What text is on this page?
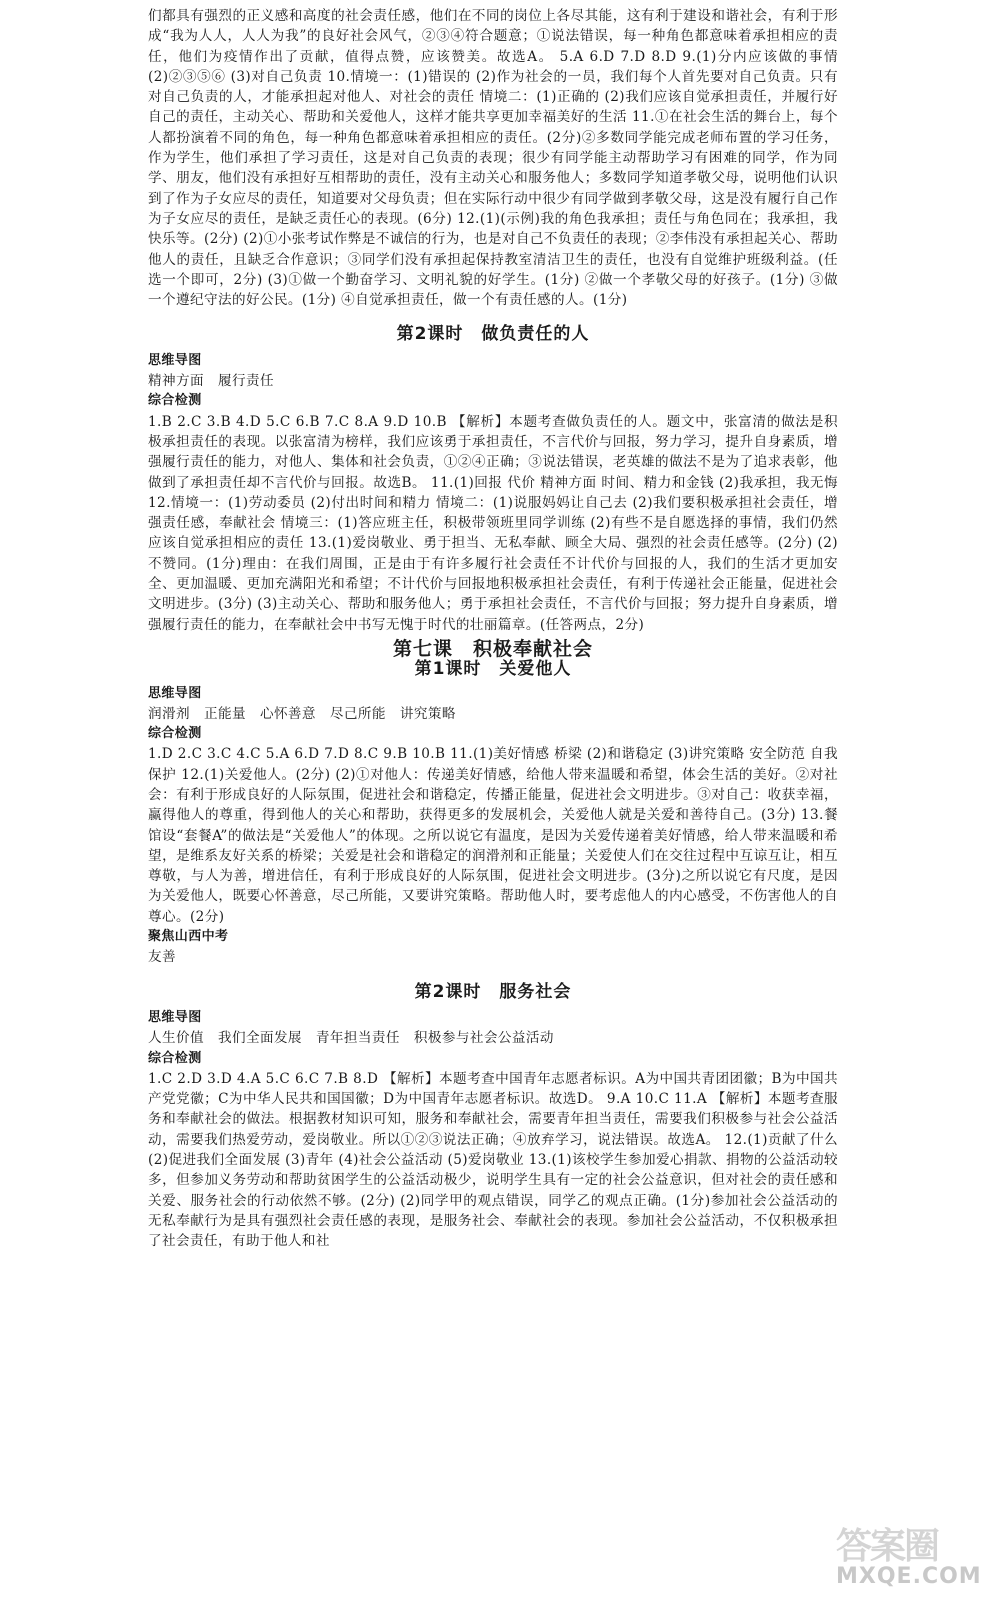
们都具有强烈的正义感和高度的社会责任感，他们在不同的岗位上各尽其能，这有利于建设和谐社会，有利于形成“我为人人，人人为我”的良好社会风气，②③④符合题意；①说法错误，每一种角色都意味着承担相应的责任，他们为疫情作出了贡献，值得点赞，应该赞美。故选A。 5.A 6.D 7.D 8.D 9.(1)分内应该做的事情 (2)②③⑤⑥ (3)对自己负责 10.情境一：(1)错误的 (2)作为社会的一员，我们每个人首先要对自己负责。只有对自己负责的人，才能承担起对他人、对社会的责任 情境二：(1)正确的 (2)我们应该自觉承担责任，并履行好自己的责任，主动关心、帮助和关爱他人，这样才能共享更加幸福美好的生活 11.①在社会生活的舞台上，每个人都扮演着不同的角色，每一种角色都意味着承担相应的责任。(2分)②多数同学能完成老师布置的学习任务，作为学生，他们承担了学习责任，这是对自己负责的表现；很少有同学能主动帮助学习有困难的同学，作为同学、朋友，他们没有承担好互相帮助的责任，没有主动关心和服务他人；多数同学知道孝敬父母，说明他们认识到了作为子女应尽的责任，知道要对父母负责；但在实际行动中很少有同学做到孝敬父母，这是没有履行自己作为子女应尽的责任，是缺乏责任心的表现。(6分) 12.(1)(示例)我的角色我承担；责任与角色同在；我承担，我快乐等。(2分) (2)①小张考试作弊是不诚信的行为，也是对自己不负责任的表现；②李伟没有承担起关心、帮助他人的责任，且缺乏合作意识；③同学们没有承担起保持教室清洁卫生的责任，也没有自觉维护班级利益。(任选一个即可，2分) (3)①做一个勤奋学习、文明礼貌的好学生。(1分) ②做一个孝敬父母的好孩子。(1分) ③做一个遵纪守法的好公民。(1分) ④自觉承担责任，做一个有责任感的人。(1分)

第2课时　做负责任的人

思维导图

精神方面　履行责任

综合检测

1.B 2.C 3.B 4.D 5.C 6.B 7.C 8.A 9.D 10.B 【解析】本题考查做负责任的人。题文中，张富清的做法是积极承担责任的表现。以张富清为榜样，我们应该勇于承担责任，不言代价与回报，努力学习，提升自身素质，增强履行责任的能力，对他人、集体和社会负责，①②④正确；③说法错误，老英雄的做法不是为了追求表彰，他做到了承担责任却不言代价与回报。故选B。 11.(1)回报 代价 精神方面 时间、精力和金钱 (2)我承担，我无悔 12.情境一：(1)劳动委员 (2)付出时间和精力 情境二：(1)说服妈妈让自己去 (2)我们要积极承担社会责任，增强责任感，奉献社会 情境三：(1)答应班主任，积极带领班里同学训练 (2)有些不是自愿选择的事情，我们仍然应该自觉承担相应的责任 13.(1)爱岗敬业、勇于担当、无私奉献、顾全大局、强烈的社会责任感等。(2分) (2)不赞同。(1分)理由：在我们周围，正是由于有许多履行社会责任不计代价与回报的人，我们的生活才更加安全、更加温暖、更加充满阳光和希望；不计代价与回报地积极承担社会责任，有利于传递社会正能量，促进社会文明进步。(3分) (3)主动关心、帮助和服务他人；勇于承担社会责任，不言代价与回报；努力提升自身素质，增强履行责任的能力，在奉献社会中书写无愧于时代的壮丽篇章。(任答两点，2分)

第七课　积极奉献社会
第1课时　关爱他人

思维导图

润滑剂　正能量　心怀善意　尽己所能　讲究策略

综合检测

1.D 2.C 3.C 4.C 5.A 6.D 7.D 8.C 9.B 10.B 11.(1)美好情感 桥梁 (2)和谐稳定 (3)讲究策略 安全防范 自我保护 12.(1)关爱他人。(2分) (2)①对他人：传递美好情感，给他人带来温暖和希望，体会生活的美好。②对社会：有利于形成良好的人际氛围，促进社会和谐稳定，传播正能量，促进社会文明进步。③对自己：收获幸福，赢得他人的尊重，得到他人的关心和帮助，获得更多的发展机会，关爱他人就是关爱和善待自己。(3分) 13.餐馆设“套餐A”的做法是“关爱他人”的体现。之所以说它有温度，是因为关爱传递着美好情感，给人带来温暖和希望，是维系友好关系的桥梁；关爱是社会和谐稳定的润滑剂和正能量；关爱使人们在交往过程中互谅互让，相互尊敬，与人为善，增进信任，有利于形成良好的人际氛围，促进社会文明进步。(3分)之所以说它有尺度，是因为关爱他人，既要心怀善意，尽己所能，又要讲究策略。帮助他人时，要考虑他人的内心感受，不伤害他人的自尊心。(2分)

聚焦山西中考

友善

第2课时　服务社会

思维导图

人生价值　我们全面发展　青年担当责任　积极参与社会公益活动

综合检测

1.C 2.D 3.D 4.A 5.C 6.C 7.B 8.D 【解析】本题考查中国青年志愿者标识。A为中国共青团团徽；B为中国共产党党徽；C为中华人民共和国国徽；D为中国青年志愿者标识。故选D。 9.A 10.C 11.A 【解析】本题考查服务和奉献社会的做法。根据教材知识可知，服务和奉献社会，需要青年担当责任，需要我们积极参与社会公益活动，需要我们热爱劳动，爱岗敬业。所以①②③说法正确；④放弃学习，说法错误。故选A。 12.(1)贡献了什么 (2)促进我们全面发展 (3)青年 (4)社会公益活动 (5)爱岗敬业 13.(1)该校学生参加爱心捐款、捐物的公益活动较多，但参加义务劳动和帮助贫困学生的公益活动极少，说明学生具有一定的社会公益意识，但对社会的责任感和关爱、服务社会的行动依然不够。(2分) (2)同学甲的观点错误，同学乙的观点正确。(1分)参加社会公益活动的无私奉献行为是具有强烈社会责任感的表现，是服务社会、奉献社会的表现。参加社会公益活动，不仅积极承担了社会责任，有助于他人和社

答案圈
MXQE.COM
